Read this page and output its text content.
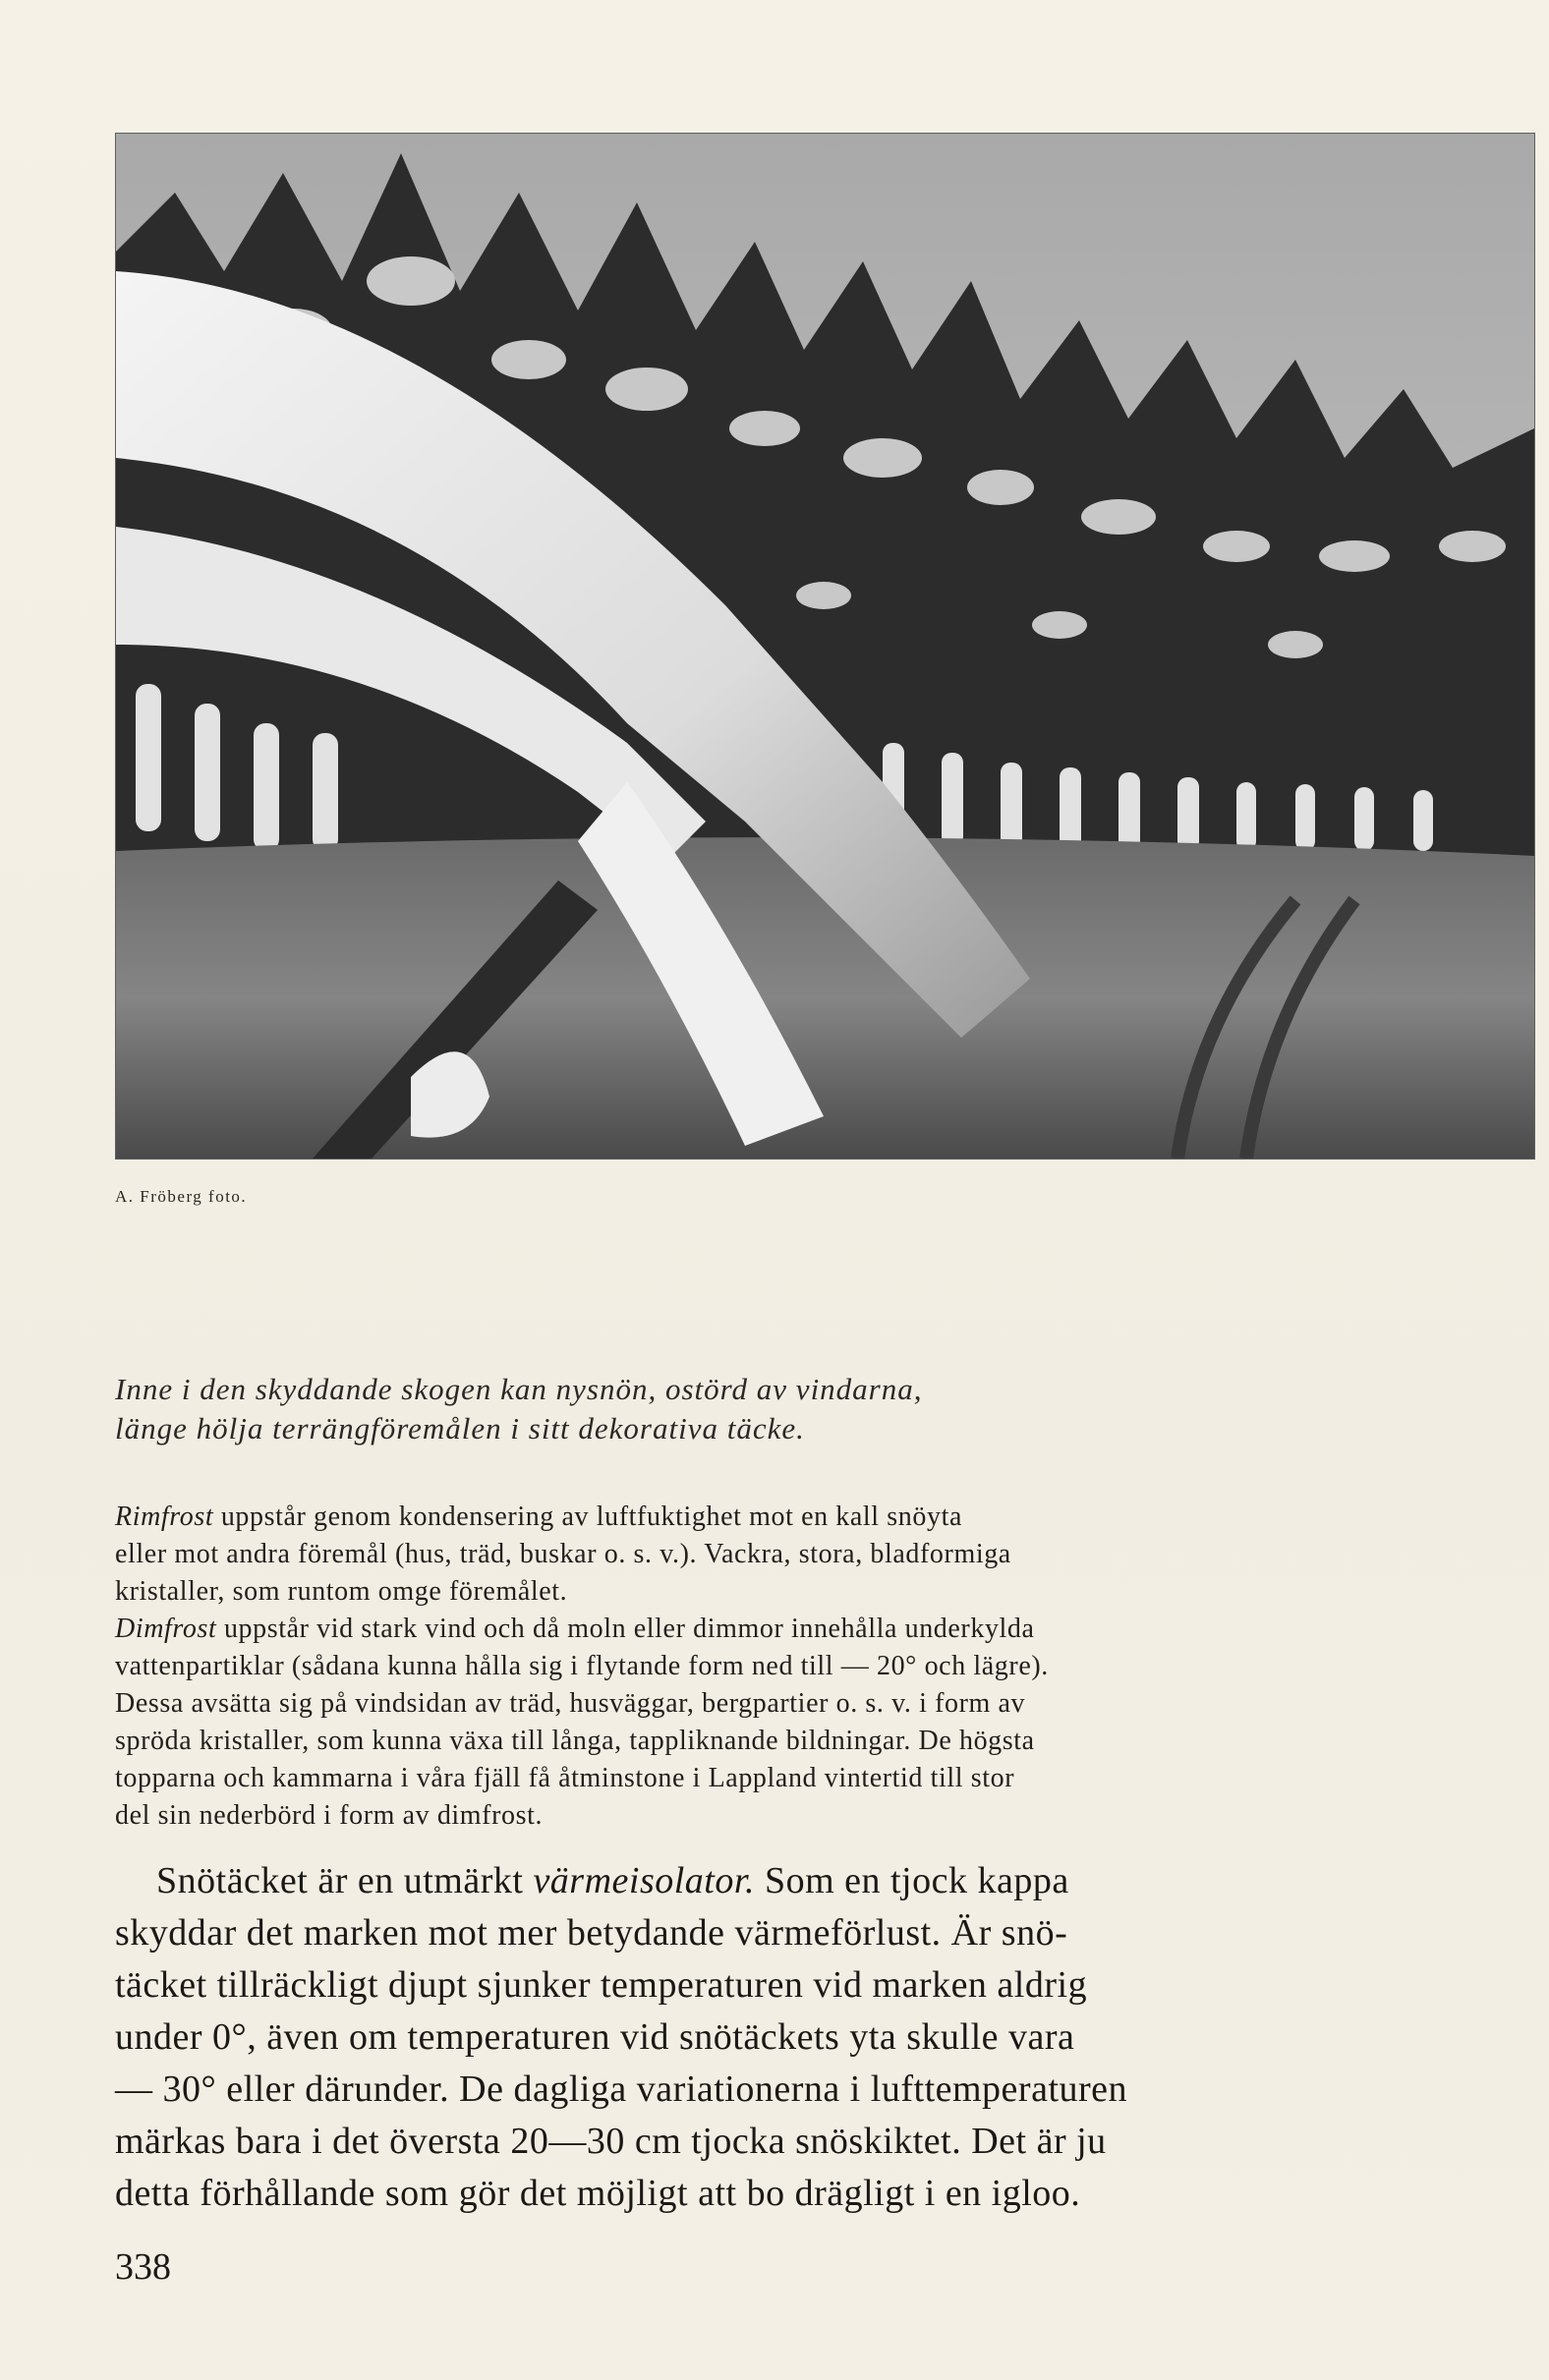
A. Fröberg foto.
Inne i den skyddande skogen kan nysnön, ostörd av vindarna,
länge hölja terrängföremålen i sitt dekorativa täcke.
Rimfrost uppstår genom kondensering av luftfuktighet mot en kall snöyta
eller mot andra föremål (hus, träd, buskar o. s. v.). Vackra, stora, bladformiga
kristaller, som runtom omge föremålet.
Dimfrost uppstår vid stark vind och då moln eller dimmor innehålla underkylda
vattenpartiklar (sådana kunna hålla sig i flytande form ned till — 20° och lägre).
Dessa avsätta sig på vindsidan av träd, husväggar, bergpartier o. s. v. i form av
spröda kristaller, som kunna växa till långa, tappliknande bildningar. De högsta
topparna och kammarna i våra fjäll få åtminstone i Lappland vintertid till stor
del sin nederbörd i form av dimfrost.
Snötäcket är en utmärkt värmeisolator. Som en tjock kappa
skyddar det marken mot mer betydande värmeförlust. Är snö-
täcket tillräckligt djupt sjunker temperaturen vid marken aldrig
under 0°, även om temperaturen vid snötäckets yta skulle vara
— 30° eller därunder. De dagliga variationerna i lufttemperaturen
märkas bara i det översta 20—30 cm tjocka snöskiktet. Det är ju
detta förhållande som gör det möjligt att bo drägligt i en igloo.
338
